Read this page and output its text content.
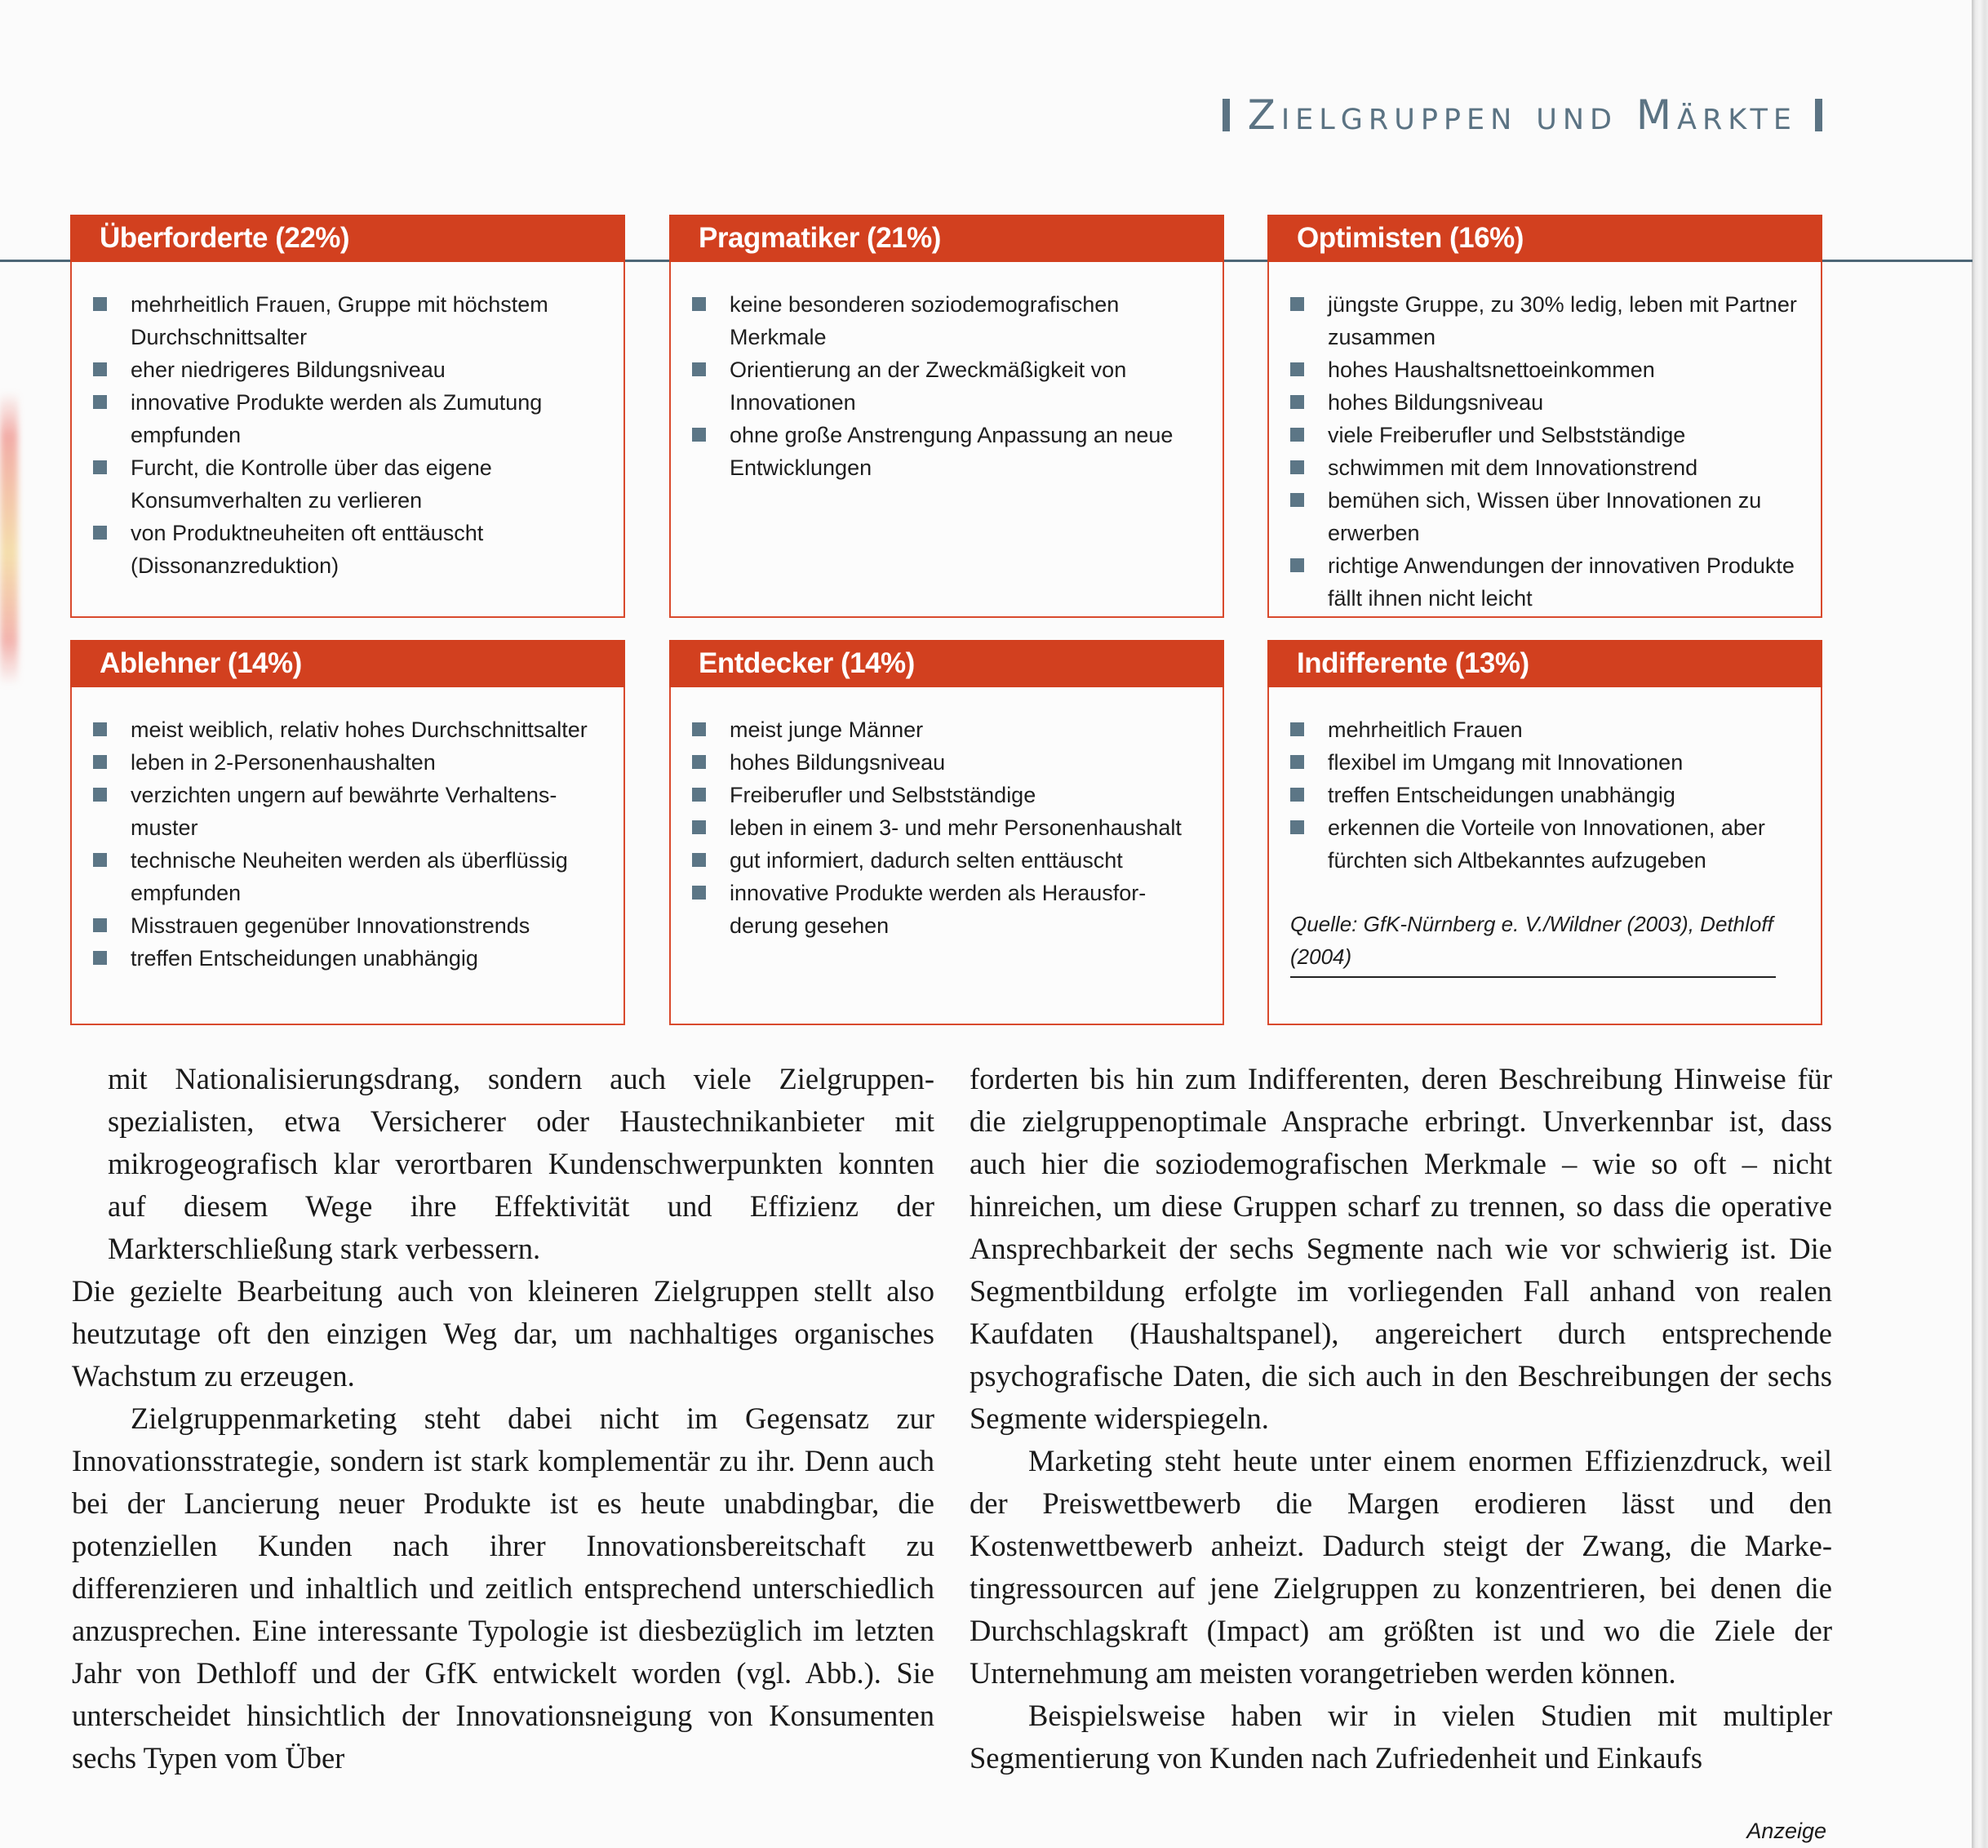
Zielgruppen und Märkte
Überforderte (22%)
mehrheitlich Frauen, Gruppe mit höchstem Durchschnittsalter
eher niedrigeres Bildungsniveau
innovative Produkte werden als Zumutung empfunden
Furcht, die Kontrolle über das eigene Konsumverhalten zu verlieren
von Produktneuheiten oft enttäuscht (Dissonanzreduktion)
Pragmatiker (21%)
keine besonderen soziodemografischen Merkmale
Orientierung an der Zweckmäßigkeit von Innovationen
ohne große Anstrengung Anpassung an neue Entwicklungen
Optimisten (16%)
jüngste Gruppe, zu 30% ledig, leben mit Partner zusammen
hohes Haushaltsnettoeinkommen
hohes Bildungsniveau
viele Freiberufler und Selbstständige
schwimmen mit dem Innovationstrend
bemühen sich, Wissen über Innovationen zu erwerben
richtige Anwendungen der innovativen Produkte fällt ihnen nicht leicht
Ablehner (14%)
meist weiblich, relativ hohes Durchschnittsalter
leben in 2-Personenhaushalten
verzichten ungern auf bewährte Verhaltensmuster
technische Neuheiten werden als überflüssig empfunden
Misstrauen gegenüber Innovationstrends
treffen Entscheidungen unabhängig
Entdecker (14%)
meist junge Männer
hohes Bildungsniveau
Freiberufler und Selbstständige
leben in einem 3- und mehr Personenhaushalt
gut informiert, dadurch selten enttäuscht
innovative Produkte werden als Herausforderung gesehen
Indifferente (13%)
mehrheitlich Frauen
flexibel im Umgang mit Innovationen
treffen Entscheidungen unabhängig
erkennen die Vorteile von Innovationen, aber fürchten sich Altbekanntes aufzugeben
Quelle: GfK-Nürnberg e. V./Wildner (2003), Dethloff (2004)

mit Nationalisierungsdrang, sondern auch viele Zielgruppenspezialisten, etwa Versicherer oder Haustechnikanbieter mit mikrogeografisch klar verortbaren Kundenschwerpunkten konnten auf diesem Wege ihre Effektivität und Effizienz der Markterschließung stark verbessern.

Die gezielte Bearbeitung auch von kleineren Zielgruppen stellt also heutzutage oft den einzigen Weg dar, um nachhaltiges organisches Wachstum zu erzeugen.

Zielgruppenmarketing steht dabei nicht im Gegensatz zur Innovationsstrategie, sondern ist stark komplementär zu ihr. Denn auch bei der Lancierung neuer Produkte ist es heute unabdingbar, die potenziellen Kunden nach ihrer Innovationsbereitschaft zu differenzieren und inhaltlich und zeitlich entsprechend unterschiedlich anzusprechen. Eine interessante Typologie ist diesbezüglich im letzten Jahr von Dethloff und der GfK entwickelt worden (vgl. Abb.). Sie unterscheidet hinsichtlich der Innovationsneigung von Konsumenten sechs Typen vom Über

forderten bis hin zum Indifferenten, deren Beschreibung Hinweise für die zielgruppenoptimale Ansprache erbringt. Unverkennbar ist, dass auch hier die soziodemografischen Merkmale – wie so oft – nicht hinreichen, um diese Gruppen scharf zu trennen, so dass die operative Ansprechbarkeit der sechs Segmente nach wie vor schwierig ist. Die Segmentbildung erfolgte im vorliegenden Fall anhand von realen Kaufdaten (Haushaltspanel), angereichert durch entsprechende psychografische Daten, die sich auch in den Beschreibungen der sechs Segmente widerspiegeln.

Marketing steht heute unter einem enormen Effizienzdruck, weil der Preiswettbewerb die Margen erodieren lässt und den Kostenwettbewerb anheizt. Dadurch steigt der Zwang, die Marketingressourcen auf jene Zielgruppen zu konzentrieren, bei denen die Durchschlagskraft (Impact) am größten ist und wo die Ziele der Unternehmung am meisten vorangetrieben werden können.

Beispielsweise haben wir in vielen Studien mit multipler Segmentierung von Kunden nach Zufriedenheit und Einkaufs

Anzeige
